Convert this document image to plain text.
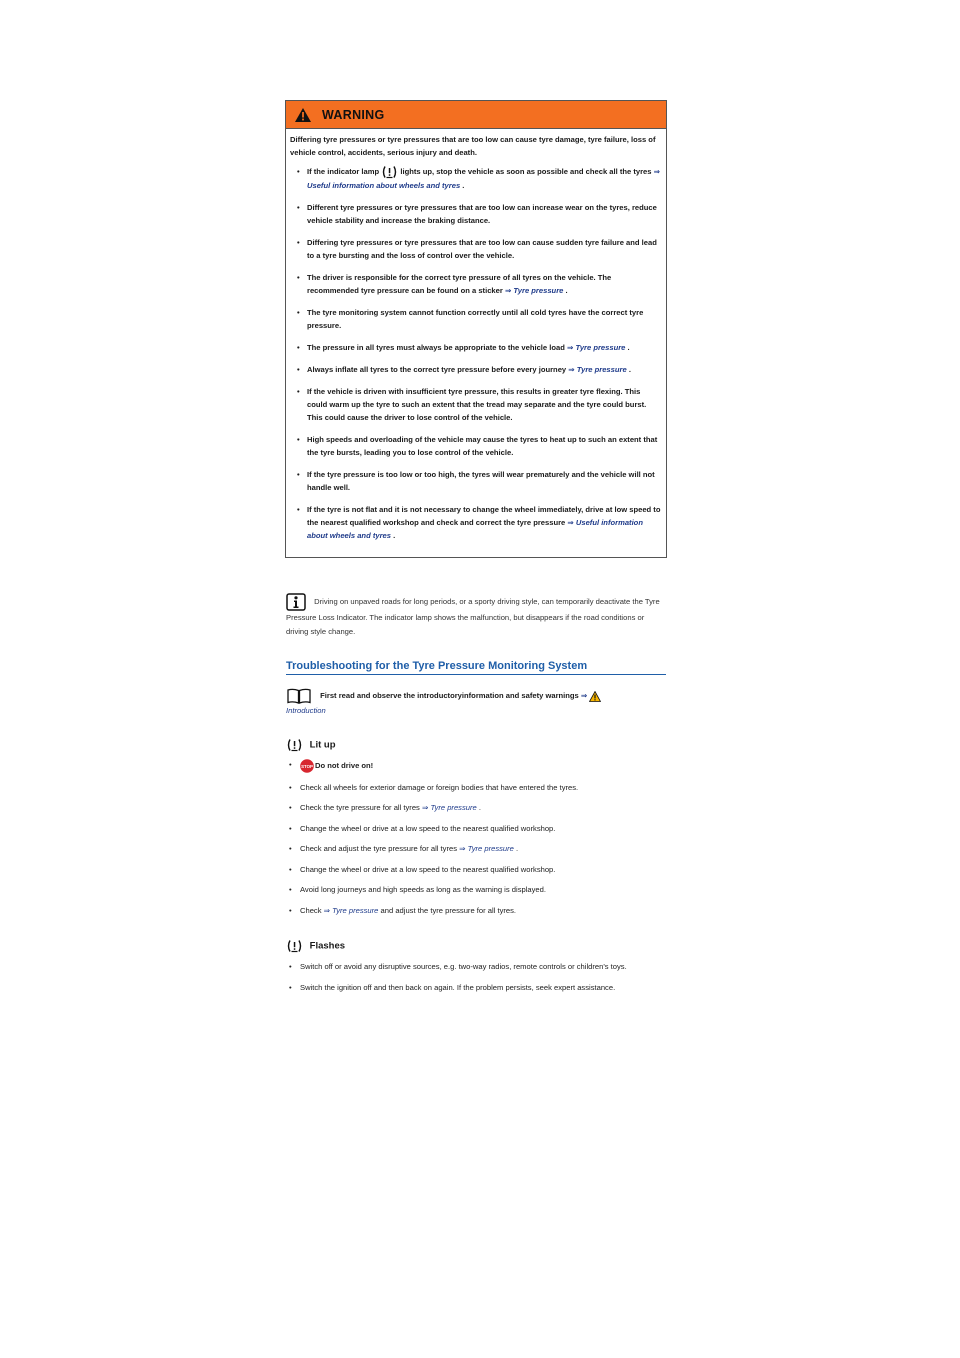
WARNING

Differing tyre pressures or tyre pressures that are too low can cause tyre damage, tyre failure, loss of vehicle control, accidents, serious injury and death.

• If the indicator lamp	lights up, stop the vehicle as soon as possible and check all the tyres ⇒ Useful information about wheels and tyres .
• Different tyre pressures or tyre pressures that are too low can increase wear on the tyres, reduce vehicle stability and increase the braking distance.
• Differing tyre pressures or tyre pressures that are too low can cause sudden tyre failure and lead to a tyre bursting and the loss of control over the vehicle.
• The driver is responsible for the correct tyre pressure of all tyres on the vehicle. The recommended tyre pressure can be found on a sticker ⇒ Tyre pressure .
• The tyre monitoring system cannot function correctly until all cold tyres have the correct tyre pressure.
• The pressure in all tyres must always be appropriate to the vehicle load ⇒ Tyre pressure .
• Always inflate all tyres to the correct tyre pressure before every journey ⇒ Tyre pressure .
• If the vehicle is driven with insufficient tyre pressure, this results in greater tyre flexing. This could warm up the tyre to such an extent that the tread may separate and the tyre could burst. This could cause the driver to lose control of the vehicle.
• High speeds and overloading of the vehicle may cause the tyres to heat up to such an extent that the tyre bursts, leading you to lose control of the vehicle.
• If the tyre pressure is too low or too high, the tyres will wear prematurely and the vehicle will not handle well.
• If the tyre is not flat and it is not necessary to change the wheel immediately, drive at low speed to the nearest qualified workshop and check and correct the tyre pressure ⇒ Useful information about wheels and tyres .
Driving on unpaved roads for long periods, or a sporty driving style, can temporarily deactivate the Tyre Pressure Loss Indicator. The indicator lamp shows the malfunction, but disappears if the road conditions or driving style change.
Troubleshooting for the Tyre Pressure Monitoring System
First read and observe the introductoryinformation and safety warnings ⇒
Introduction
Lit up
• STOP Do not drive on!
• Check all wheels for exterior damage or foreign bodies that have entered the tyres.
• Check the tyre pressure for all tyres ⇒ Tyre pressure .
• Change the wheel or drive at a low speed to the nearest qualified workshop.
• Check and adjust the tyre pressure for all tyres ⇒ Tyre pressure .
• Change the wheel or drive at a low speed to the nearest qualified workshop.
• Avoid long journeys and high speeds as long as the warning is displayed.
• Check ⇒ Tyre pressure and adjust the tyre pressure for all tyres.
Flashes
• Switch off or avoid any disruptive sources, e.g. two-way radios, remote controls or children's toys.
• Switch the ignition off and then back on again. If the problem persists, seek expert assistance.
